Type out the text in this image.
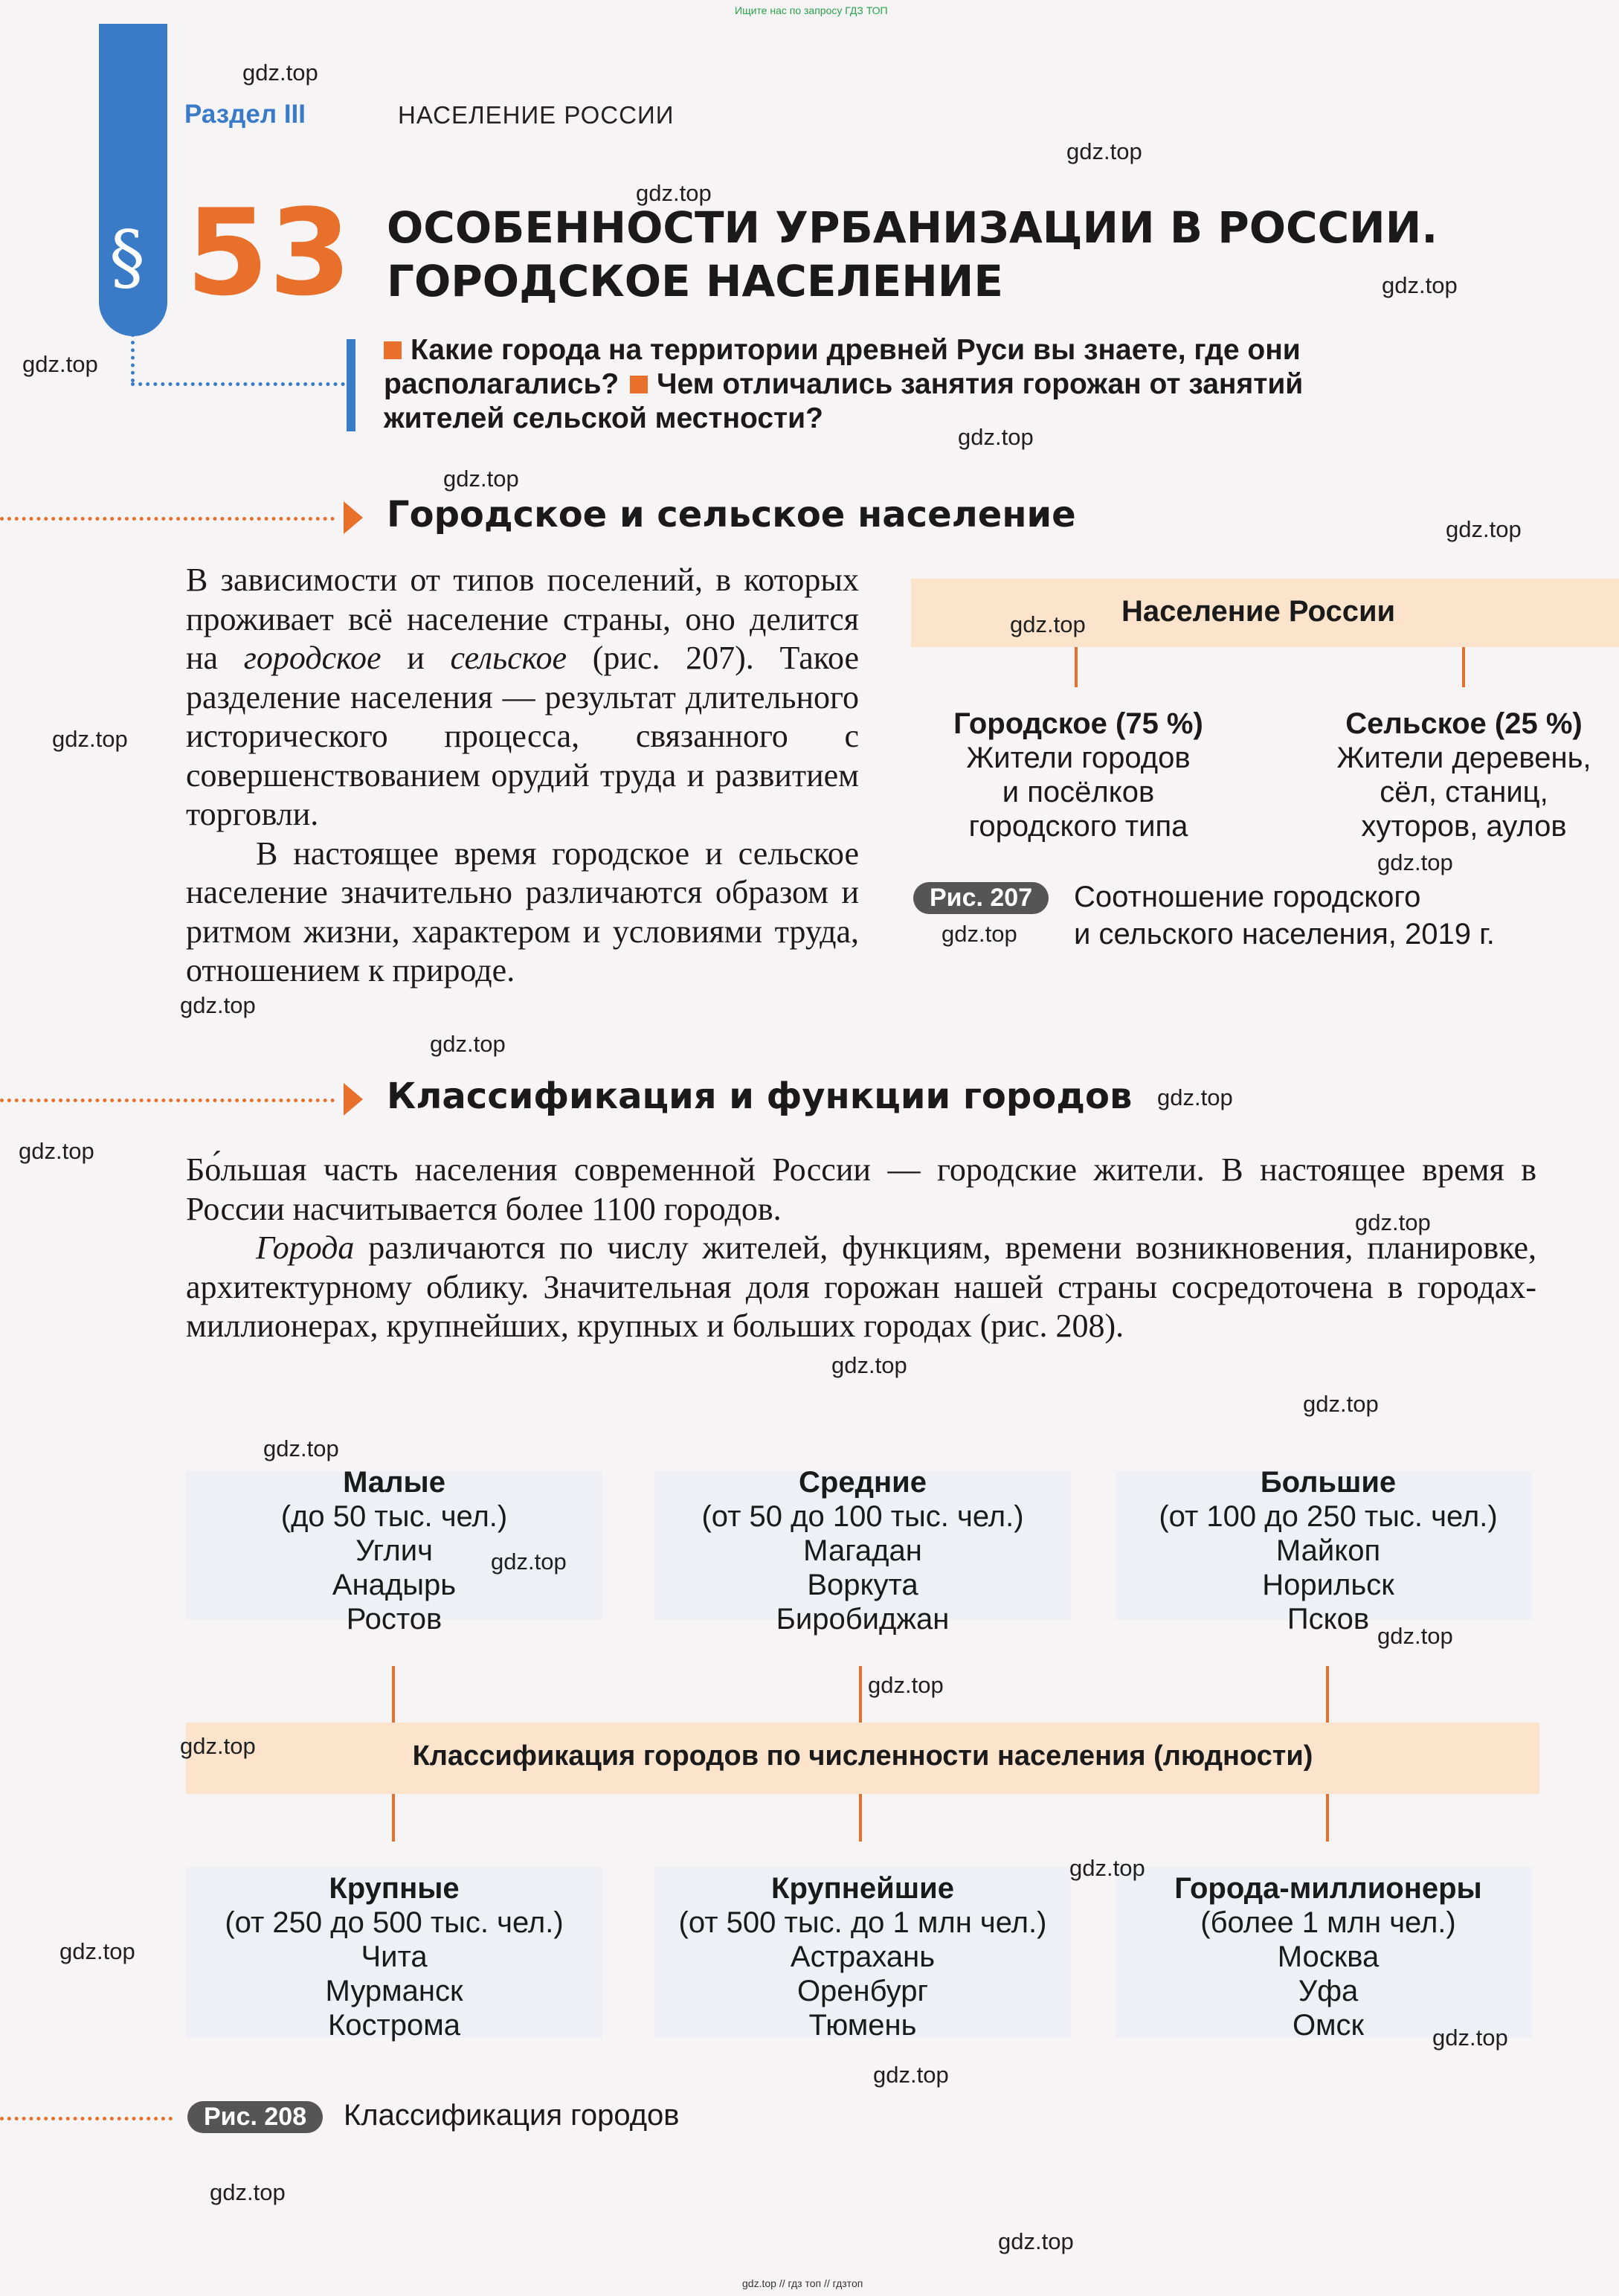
Ищите нас по запросу ГДЗ ТОП
§
Раздел III	НАСЕЛЕНИЕ РОССИИ
53 ОСОБЕННОСТИ УРБАНИЗАЦИИ В РОССИИ.
ГОРОДСКОЕ НАСЕЛЕНИЕ
Какие города на территории древней Руси вы знаете, где они
располагались? Чем отличались занятия горожан от занятий
жителей сельской местности?
Городское и сельское население

В зависимости от типов поселений, в которых проживает всё население страны, оно делится на городское и сельское (рис. 207). Такое разделение населения — результат длительного исторического процесса, связанного с совершенствованием орудий труда и развитием торговли.

В настоящее время городское и сельское население значительно различаются образом и ритмом жизни, характером и условиями труда, отношением к природе.

Население России
Городское (75 %)
Жители городов
и посёлков
городского типа
Сельское (25 %)
Жители деревень,
сёл, станиц,
хуторов, аулов
Рис. 207	Соотношение городского
и сельского населения, 2019 г.
Классификация и функции городов

Бо́льшая часть населения современной России — городские жители. В настоящее время в России насчитывается более 1100 городов.

Города различаются по числу жителей, функциям, времени возникновения, планировке, архитектурному облику. Значительная доля горожан нашей страны сосредоточена в городах-миллионерах, крупнейших, крупных и больших городах (рис. 208).

Малые
(до 50 тыс. чел.)
Углич
Анадырь
Ростов
Средние
(от 50 до 100 тыс. чел.)
Магадан
Воркута
Биробиджан
Большие
(от 100 до 250 тыс. чел.)
Майкоп
Норильск
Псков
Классификация городов по численности населения (людности)
Крупные
(от 250 до 500 тыс. чел.)
Чита
Мурманск
Кострома
Крупнейшие
(от 500 тыс. до 1 млн чел.)
Астрахань
Оренбург
Тюмень
Города-миллионеры
(более 1 млн чел.)
Москва
Уфа
Омск
Рис. 208	Классификация городов
gdz.top
gdz.top
gdz.top
gdz.top
gdz.top
gdz.top
gdz.top
gdz.top
gdz.top
gdz.top
gdz.top
gdz.top
gdz.top
gdz.top
gdz.top
gdz.top
gdz.top
gdz.top
gdz.top
gdz.top
gdz.top
gdz.top
gdz.top
gdz.top
gdz.top
gdz.top
gdz.top
gdz.top
gdz.top
gdz.top
gdz.top // гдз топ // гдзтоп
